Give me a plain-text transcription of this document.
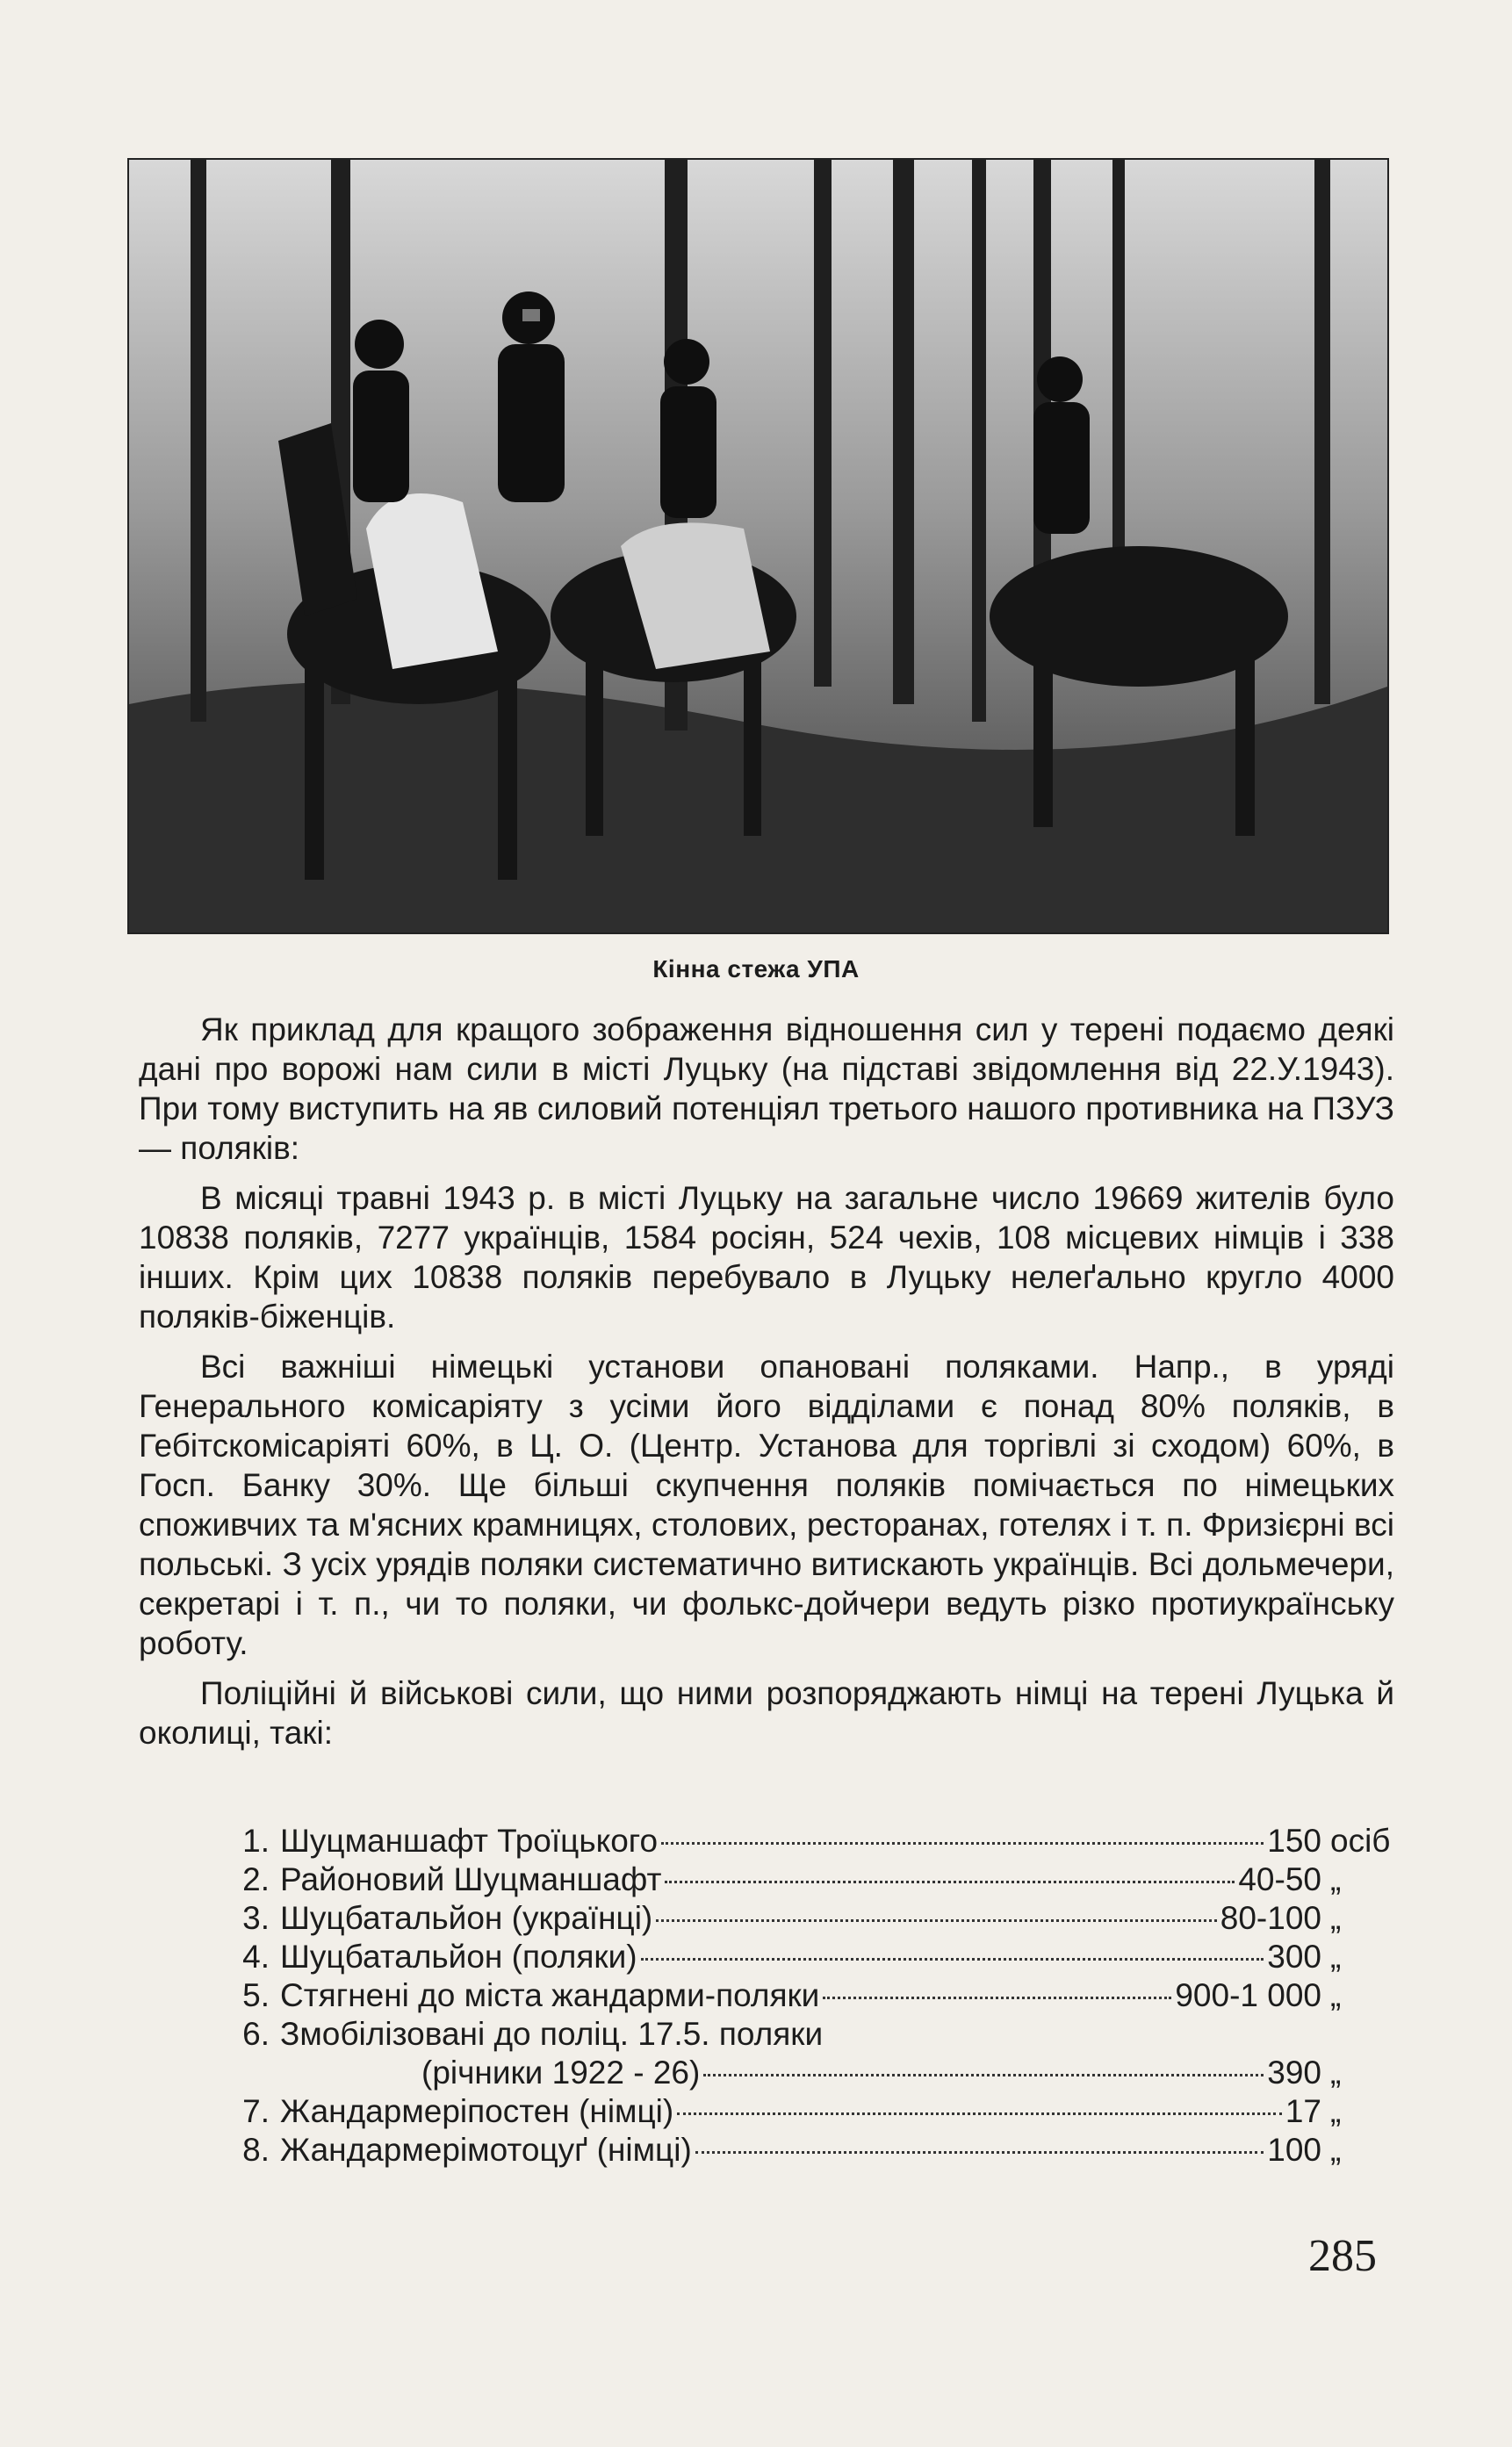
Кінна стежа УПА

Як приклад для кращого зображення відношення сил у терені подаємо деякі дані про ворожі нам сили в місті Луцьку (на підставі звідомлення від 22.У.1943). При тому виступить на яв силовий потенціял третього нашого противника на ПЗУЗ — поляків:

В місяці травні 1943 р. в місті Луцьку на загальне число 19669 жителів було 10838 поляків, 7277 українців, 1584 росіян, 524 чехів, 108 місцевих німців і 338 інших. Крім цих 10838 поляків перебувало в Луцьку нелеґально кругло 4000 поляків-біженців.

Всі важніші німецькі установи опановані поляками. Напр., в уряді Генерального комісаріяту з усіми його відділами є понад 80% поляків, в Гебітскомісаріяті 60%, в Ц. О. (Центр. Установа для торгівлі зі сходом) 60%, в Госп. Банку 30%. Ще більші скупчення поляків помічається по німецьких споживчих та м'ясних крамницях, столових, ресторанах, готелях і т. п. Фризієрні всі польські. З усіх урядів поляки систематично витискають українців. Всі дольмечери, секретарі і т. п., чи то поляки, чи фолькс-дойчери ведуть різко протиукраїнську роботу.

Поліційні й військові сили, що ними розпоряджають німці на терені Луцька й околиці, такі:

1. Шуцманшафт Троїцького	150 осіб
2. Районовий Шуцманшафт	40-50 „
3. Шуцбатальйон (українці)	80-100 „
4. Шуцбатальйон (поляки)	300 „
5. Стягнені до міста жандарми-поляки	900-1 000 „
6. Змобілізовані до поліц. 17.5. поляки
(річники 1922 - 26)	390 „
7. Жандармеріпостен (німці)	17 „
8. Жандармерімотоцуґ (німці)	100 „
285
